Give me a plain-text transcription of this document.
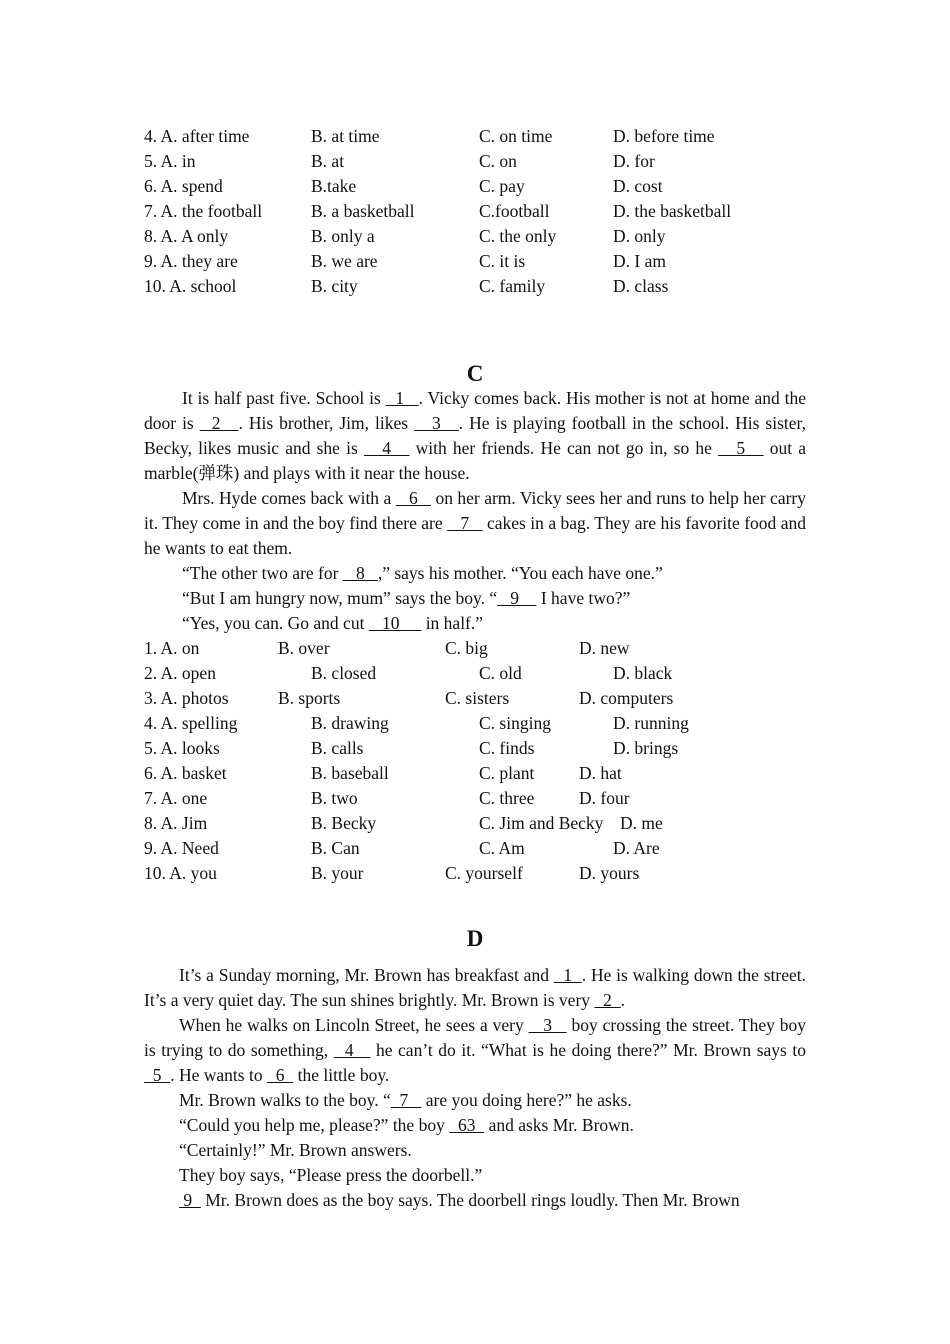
4. A. after time	B. at time	C. on time	D. before time
5. A. in	B. at	C. on	D. for
6. A. spend	B.take	C. pay	D. cost
7. A. the football	B. a basketball	C.football	D. the basketball
8. A. A only	B. only a	C. the only	D. only
9. A. they are	B. we are	C. it is	D. I am
10. A. school	B. city	C. family	D. class
C

It is half past five. School is   1   . Vicky comes back. His mother is not at home and the door is   2   . His brother, Jim, likes    3   . He is playing football in the school. His sister, Becky, likes music and she is    4    with her friends. He can not go in, so he    5    out a marble(弹珠) and plays with it near the house.

Mrs. Hyde comes back with a    6    on her arm. Vicky sees her and runs to help her carry it. They come in and the boy find there are    7    cakes in a bag. They are his favorite food and he wants to eat them.

“The other two are for    8   ,” says his mother. “You each have one.”

“But I am hungry now, mum” says the boy. “   9     I have two?”

“Yes, you can. Go and cut    10      in half.”

1. A. on	B. over	C. big	D. new
2. A. open	B. closed	C. old	D. black
3. A. photos	B. sports	C. sisters	D. computers
4. A. spelling	B. drawing	C. singing	D. running
5. A. looks	B. calls	C. finds	D. brings
6. A. basket	B. baseball	C. plant	D. hat
7. A. one	B. two	C. three	D. four
8. A. Jim	B. Becky	C. Jim and Becky D. me
9. A. Need	B. Can	C. Am	D. Are
10. A. you	B. your	C. yourself	D. yours
D

It’s a Sunday morning, Mr. Brown has breakfast and   1  . He is walking down the street. It’s a very quiet day. The sun shines brightly. Mr. Brown is very   2  .

When he walks on Lincoln Street, he sees a very    3    boy crossing the street. They boy is trying to do something,   4    he can’t do it. “What is he doing there?” Mr. Brown says to   5  . He wants to   6   the little boy.

Mr. Brown walks to the boy. “  7    are you doing here?” he asks.

“Could you help me, please?” the boy   63   and asks Mr. Brown.

“Certainly!” Mr. Brown answers.

They boy says, “Please press the doorbell.”

9   Mr. Brown does as the boy says. The doorbell rings loudly. Then Mr. Brown
